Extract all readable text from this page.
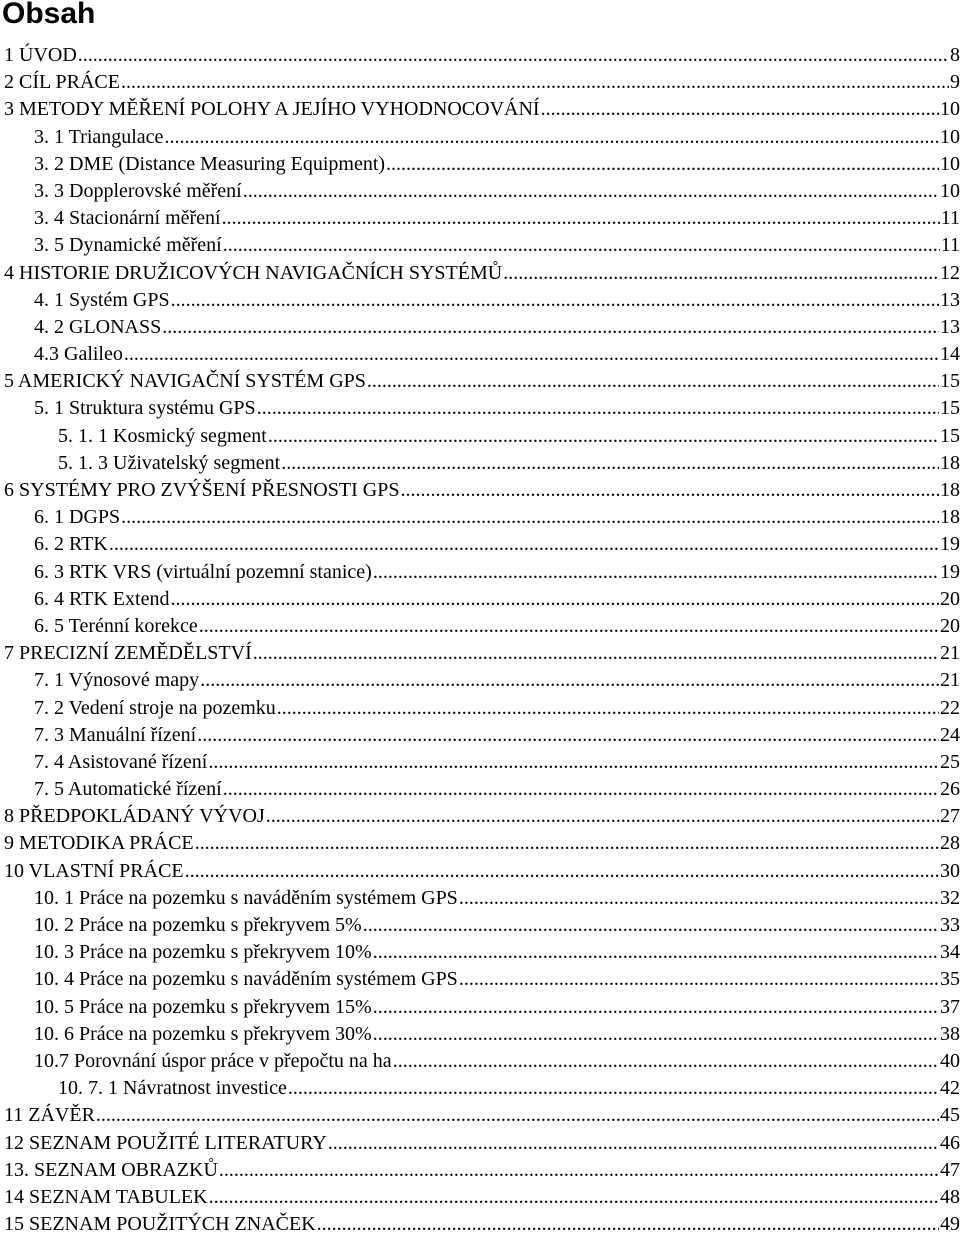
Obsah
1 ÚVOD .....	8
2 CÍL PRÁCE .....	9
3 METODY MĚŘENÍ POLOHY A JEJÍHO VYHODNOCOVÁNÍ .....	10
3. 1 Triangulace .....	10
3. 2 DME (Distance Measuring Equipment) .....	10
3. 3 Dopplerovské měření .....	10
3. 4 Stacionární měření .....	11
3. 5 Dynamické měření .....	11
4 HISTORIE DRUŽICOVÝCH NAVIGAČNÍCH SYSTÉMŮ .....	12
4. 1 Systém GPS .....	13
4. 2 GLONASS .....	13
4.3 Galileo .....	14
5 AMERICKÝ NAVIGAČNÍ SYSTÉM GPS .....	15
5. 1 Struktura systému GPS .....	15
5. 1. 1 Kosmický segment .....	15
5. 1. 3 Uživatelský segment .....	18
6 SYSTÉMY PRO ZVÝŠENÍ PŘESNOSTI GPS .....	18
6. 1 DGPS .....	18
6. 2 RTK .....	19
6. 3 RTK VRS (virtuální pozemní stanice) .....	19
6. 4 RTK Extend .....	20
6. 5 Terénní korekce .....	20
7 PRECIZNÍ ZEMĚDĚLSTVÍ .....	21
7. 1 Výnosové mapy .....	21
7. 2 Vedení stroje na pozemku .....	22
7. 3 Manuální řízení .....	24
7. 4 Asistované řízení .....	25
7. 5 Automatické řízení .....	26
8 PŘEDPOKLÁDANÝ VÝVOJ .....	27
9 METODIKA PRÁCE .....	28
10 VLASTNÍ PRÁCE .....	30
10. 1 Práce na pozemku s naváděním systémem GPS .....	32
10. 2 Práce na pozemku s překryvem 5% .....	33
10. 3 Práce na pozemku s překryvem 10% .....	34
10. 4 Práce na pozemku s naváděním systémem GPS .....	35
10. 5 Práce na pozemku s překryvem 15% .....	37
10. 6 Práce na pozemku s překryvem 30% .....	38
10.7 Porovnání úspor práce v přepočtu na ha .....	40
10. 7. 1 Návratnost investice .....	42
11 ZÁVĚR .....	45
12 SEZNAM POUŽITÉ LITERATURY .....	46
13. SEZNAM OBRAZKŮ .....	47
14 SEZNAM TABULEK .....	48
15 SEZNAM POUŽITÝCH ZNAČEK .....	49
